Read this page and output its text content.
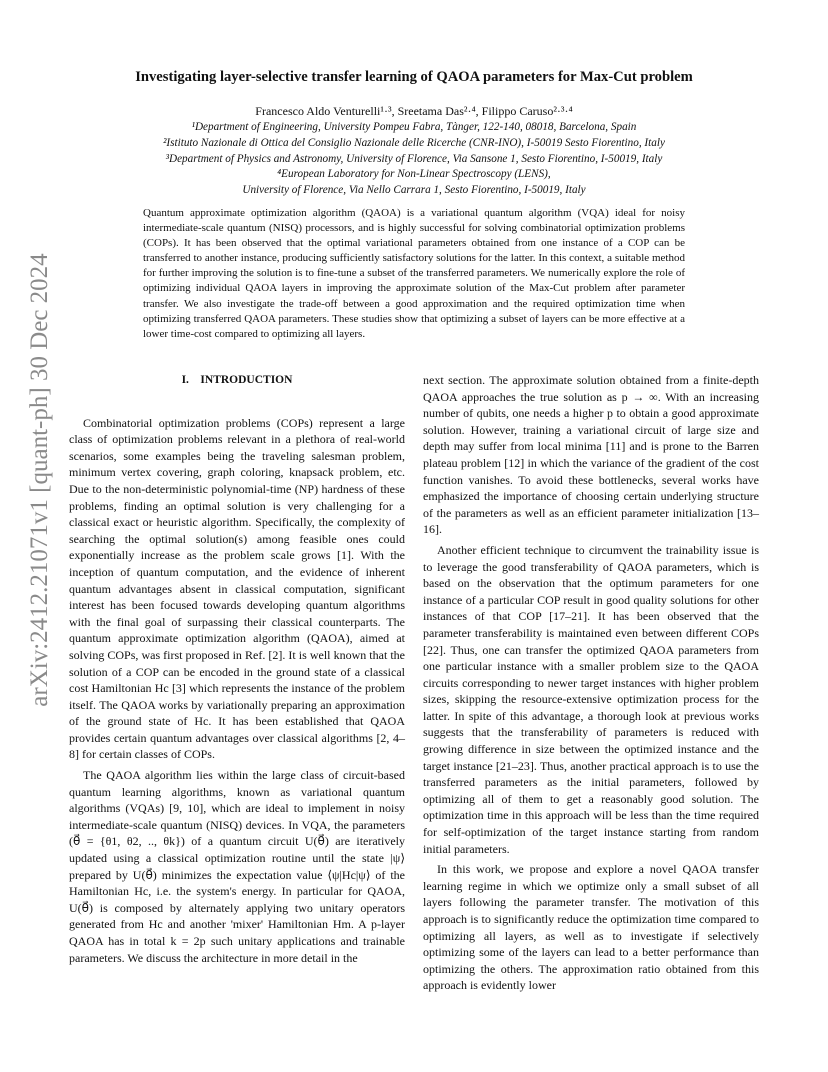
arXiv:2412.21071v1 [quant-ph] 30 Dec 2024
Investigating layer-selective transfer learning of QAOA parameters for Max-Cut problem
Francesco Aldo Venturelli¹·³, Sreetama Das²·⁴, Filippo Caruso²·³·⁴
¹Department of Engineering, University Pompeu Fabra, Tànger, 122-140, 08018, Barcelona, Spain
²Istituto Nazionale di Ottica del Consiglio Nazionale delle Ricerche (CNR-INO), I-50019 Sesto Fiorentino, Italy
³Department of Physics and Astronomy, University of Florence, Via Sansone 1, Sesto Fiorentino, I-50019, Italy
⁴European Laboratory for Non-Linear Spectroscopy (LENS),
University of Florence, Via Nello Carrara 1, Sesto Fiorentino, I-50019, Italy
Quantum approximate optimization algorithm (QAOA) is a variational quantum algorithm (VQA) ideal for noisy intermediate-scale quantum (NISQ) processors, and is highly successful for solving combinatorial optimization problems (COPs). It has been observed that the optimal variational parameters obtained from one instance of a COP can be transferred to another instance, producing sufficiently satisfactory solutions for the latter. In this context, a suitable method for further improving the solution is to fine-tune a subset of the transferred parameters. We numerically explore the role of optimizing individual QAOA layers in improving the approximate solution of the Max-Cut problem after parameter transfer. We also investigate the trade-off between a good approximation and the required optimization time when optimizing transferred QAOA parameters. These studies show that optimizing a subset of layers can be more effective at a lower time-cost compared to optimizing all layers.
I. INTRODUCTION

Combinatorial optimization problems (COPs) represent a large class of optimization problems relevant in a plethora of real-world scenarios, some examples being the traveling salesman problem, minimum vertex covering, graph coloring, knapsack problem, etc. Due to the non-deterministic polynomial-time (NP) hardness of these problems, finding an optimal solution is very challenging for a classical exact or heuristic algorithm. Specifically, the complexity of searching the optimal solution(s) among feasible ones could exponentially increase as the problem scale grows [1]. With the inception of quantum computation, and the evidence of inherent quantum advantages absent in classical computation, significant interest has been focused towards developing quantum algorithms with the final goal of surpassing their classical counterparts. The quantum approximate optimization algorithm (QAOA), aimed at solving COPs, was first proposed in Ref. [2]. It is well known that the solution of a COP can be encoded in the ground state of a classical cost Hamiltonian Hc [3] which represents the instance of the problem itself. The QAOA works by variationally preparing an approximation of the ground state of Hc. It has been established that QAOA provides certain quantum advantages over classical algorithms [2, 4–8] for certain classes of COPs.

The QAOA algorithm lies within the large class of circuit-based quantum learning algorithms, known as variational quantum algorithms (VQAs) [9, 10], which are ideal to implement in noisy intermediate-scale quantum (NISQ) devices. In VQA, the parameters (θ⃗ = {θ1, θ2, .., θk}) of a quantum circuit U(θ⃗) are iteratively updated using a classical optimization routine until the state |ψ⟩ prepared by U(θ⃗) minimizes the expectation value ⟨ψ|Hc|ψ⟩ of the Hamiltonian Hc, i.e. the system's energy. In particular for QAOA, U(θ⃗) is composed by alternately applying two unitary operators generated from Hc and another 'mixer' Hamiltonian Hm. A p-layer QAOA has in total k = 2p such unitary applications and trainable parameters. We discuss the architecture in more detail in the

next section. The approximate solution obtained from a finite-depth QAOA approaches the true solution as p → ∞. With an increasing number of qubits, one needs a higher p to obtain a good approximate solution. However, training a variational circuit of large size and depth may suffer from local minima [11] and is prone to the Barren plateau problem [12] in which the variance of the gradient of the cost function vanishes. To avoid these bottlenecks, several works have emphasized the importance of choosing certain underlying structure of the parameters as well as an efficient parameter initialization [13–16].

Another efficient technique to circumvent the trainability issue is to leverage the good transferability of QAOA parameters, which is based on the observation that the optimum parameters for one instance of a particular COP result in good quality solutions for other instances of that COP [17–21]. It has been observed that the parameter transferability is maintained even between different COPs [22]. Thus, one can transfer the optimized QAOA parameters from one particular instance with a smaller problem size to the QAOA circuits corresponding to newer target instances with higher problem sizes, skipping the resource-extensive optimization process for the latter. In spite of this advantage, a thorough look at previous works suggests that the transferability of parameters is reduced with growing difference in size between the optimized instance and the target instance [21–23]. Thus, another practical approach is to use the transferred parameters as the initial parameters, followed by optimizing all of them to get a reasonably good solution. The optimization time in this approach will be less than the time required for self-optimization of the target instance starting from random initial parameters.

In this work, we propose and explore a novel QAOA transfer learning regime in which we optimize only a small subset of all layers following the parameter transfer. The motivation of this approach is to significantly reduce the optimization time compared to optimizing all layers, as well as to investigate if selectively optimizing some of the layers can lead to a better performance than optimizing the others. The approximation ratio obtained from this approach is evidently lower
